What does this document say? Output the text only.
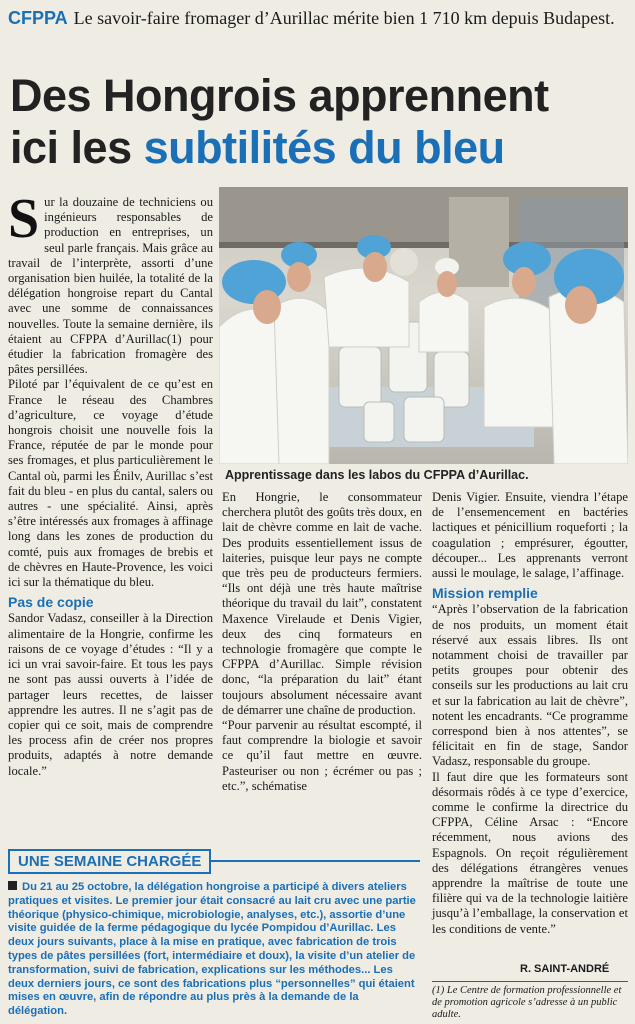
CFPPA Le savoir-faire fromager d’Aurillac mérite bien 1 710 km depuis Budapest.
Des Hongrois apprennent
ici les subtilités du bleu
Apprentissage dans les labos du CFPPA d’Aurillac.

Sur la douzaine de techniciens ou ingénieurs responsables de production en entreprises, un seul parle français. Mais grâce au travail de l’interprète, assorti d’une organisation bien huilée, la totalité de la délégation hongroise repart du Cantal avec une somme de connaissances nouvelles. Toute la semaine dernière, ils étaient au CFPPA d’Aurillac(1) pour étudier la fabrication fromagère des pâtes persillées.

Piloté par l’équivalent de ce qu’est en France le réseau des Chambres d’agriculture, ce voyage d’étude hongrois choisit une nouvelle fois la France, réputée de par le monde pour ses fromages, et plus particulièrement le Cantal où, parmi les Énilv, Aurillac s’est fait du bleu - en plus du cantal, salers ou autres - une spécialité. Ainsi, après s’être intéressés aux fromages à affinage long dans les zones de production du comté, puis aux fromages de brebis et de chèvres en Haute-Provence, les voici ici sur la thématique du bleu.

Pas de copie

Sandor Vadasz, conseiller à la Direction alimentaire de la Hongrie, confirme les raisons de ce voyage d’études : “Il y a ici un vrai savoir-faire. Et tous les pays ne sont pas aussi ouverts à l’idée de partager leurs recettes, de laisser apprendre les autres. Il ne s’agit pas de copier qui ce soit, mais de comprendre les process afin de créer nos propres produits, adaptés à notre demande locale.”

En Hongrie, le consommateur chercherа plutôt des goûts très doux, en lait de chèvre comme en lait de vache. Des produits essentiellement issus de laiteries, puisque leur pays ne compte que très peu de producteurs fermiers. “Ils ont déjà une très haute maîtrise théorique du travail du lait”, constatent Maxence Virelaude et Denis Vigier, deux des cinq formateurs en technologie fromagère que compte le CFPPA d’Aurillac. Simple révision donc, “la préparation du lait” étant toujours absolument nécessaire avant de démarrer une chaîne de production.

“Pour parvenir au résultat escompté, il faut comprendre la biologie et savoir ce qu’il faut mettre en œuvre. Pasteuriser ou non ; écrémer ou pas ; etc.”, schématise

Denis Vigier. Ensuite, viendra l’étape de l’ensemencement en bactéries lactiques et pénicillium roqueforti ; la coagulation ; emprésurer, égoutter, découper... Les apprenants verront aussi le moulage, le salage, l’affinage.

Mission remplie

“Après l’observation de la fabrication de nos produits, un moment était réservé aux essais libres. Ils ont notamment choisi de travailler par petits groupes pour obtenir des conseils sur les productions au lait cru et sur la fabrication au lait de chèvre”, notent les encadrants. “Ce programme correspond bien à nos attentes”, se félicitait en fin de stage, Sandor Vadasz, responsable du groupe.

Il faut dire que les formateurs sont désormais rôdés à ce type d’exercice, comme le confirme la directrice du CFPPA, Céline Arsac : “Encore récemment, nous avions des Espagnols. On reçoit régulièrement des délégations étrangères venues apprendre la maîtrise de toute une filière qui va de la technologie laitière jusqu’à l’emballage, la conservation et les conditions de vente.”

UNE SEMAINE CHARGÉE
Du 21 au 25 octobre, la délégation hongroise a participé à divers ateliers pratiques et visites. Le premier jour était consacré au lait cru avec une partie théorique (physico-chimique, microbiologie, analyses, etc.), assortie d’une visite guidée de la ferme pédagogique du lycée Pompidou d’Aurillac. Les deux jours suivants, place à la mise en pratique, avec fabrication de trois types de pâtes persillées (fort, intermédiaire et doux), la visite d’un atelier de transformation, suivi de fabrication, explications sur les méthodes... Les deux derniers jours, ce sont des fabrications plus “personnelles” qui étaient mises en œuvre, afin de répondre au plus près à la demande de la délégation.
R. SAINT-ANDRÉ
(1) Le Centre de formation professionnelle et de promotion agricole s’adresse à un public adulte.
